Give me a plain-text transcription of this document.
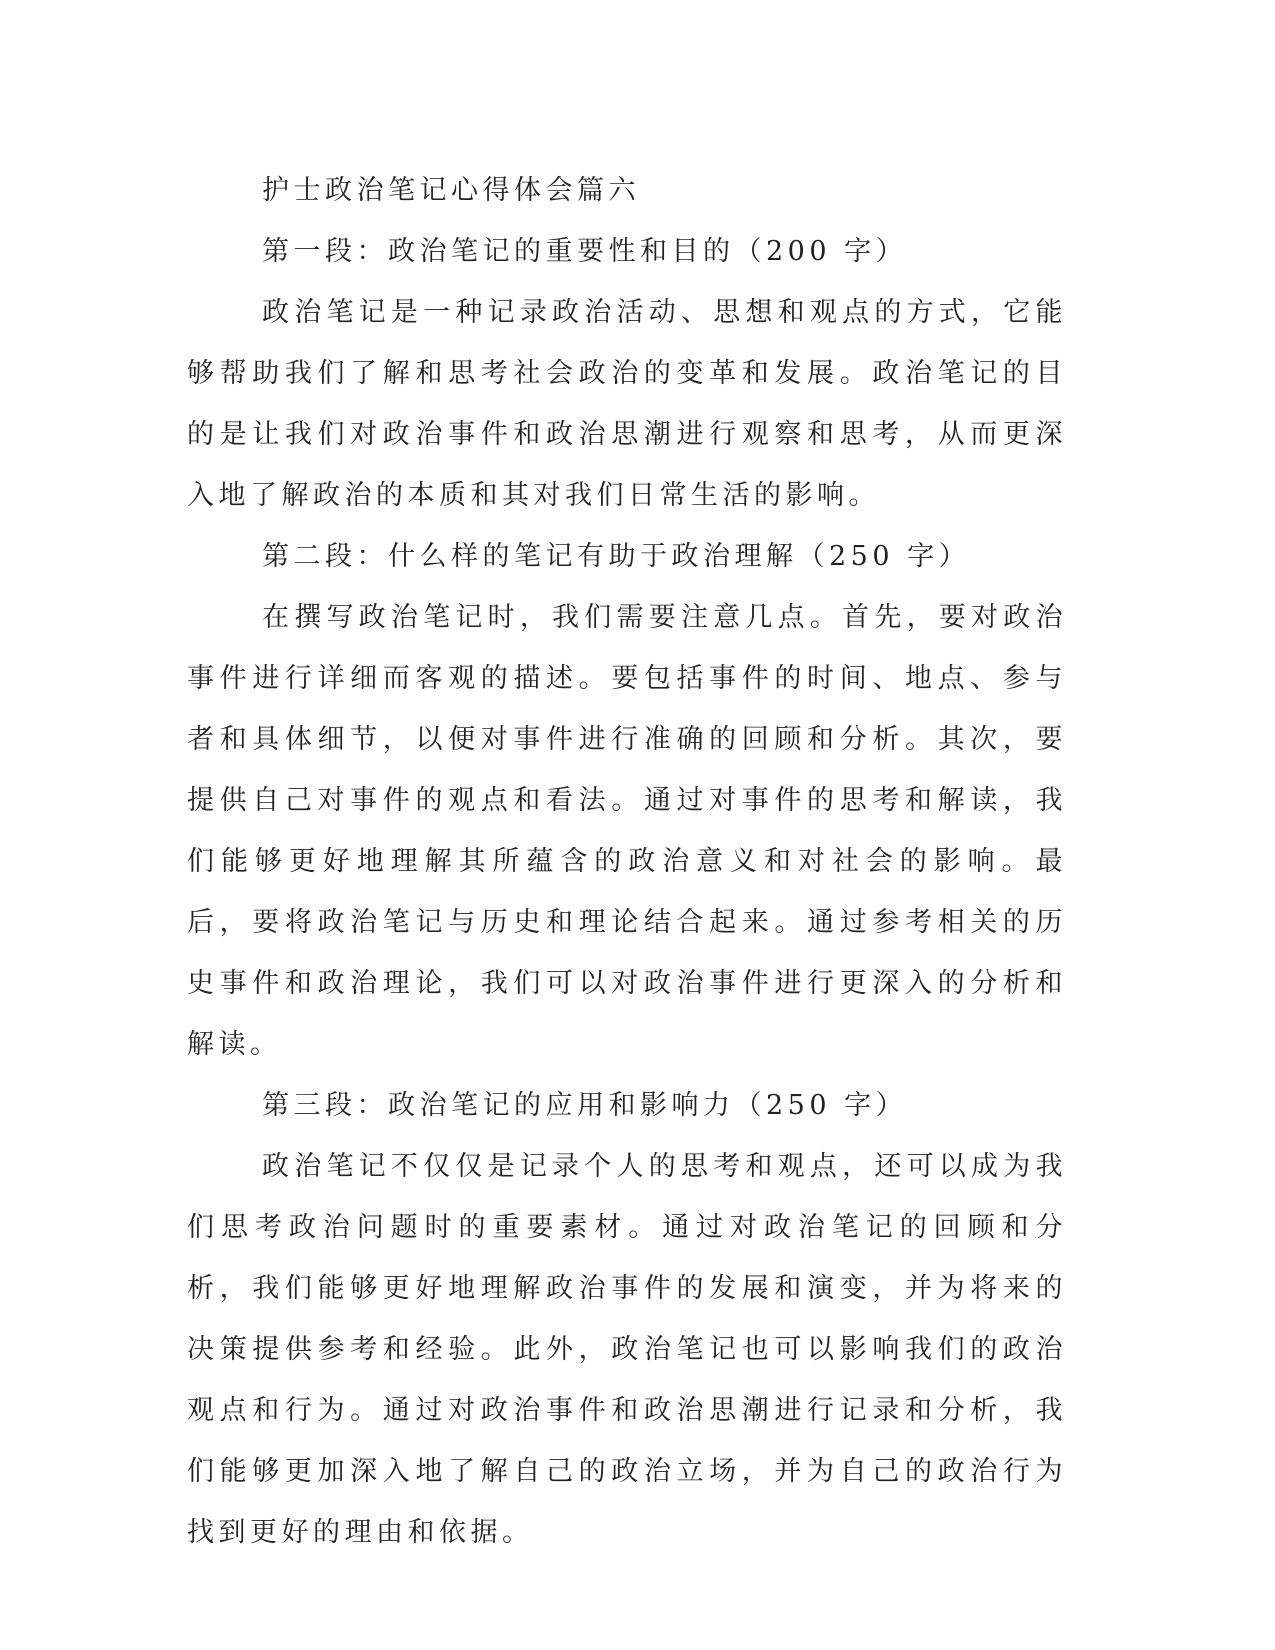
护士政治笔记心得体会篇六

第一段：政治笔记的重要性和目的（200 字）

政治笔记是一种记录政治活动、思想和观点的方式，它能够帮助我们了解和思考社会政治的变革和发展。政治笔记的目的是让我们对政治事件和政治思潮进行观察和思考，从而更深入地了解政治的本质和其对我们日常生活的影响。

第二段：什么样的笔记有助于政治理解（250 字）

在撰写政治笔记时，我们需要注意几点。首先，要对政治事件进行详细而客观的描述。要包括事件的时间、地点、参与者和具体细节，以便对事件进行准确的回顾和分析。其次，要提供自己对事件的观点和看法。通过对事件的思考和解读，我们能够更好地理解其所蕴含的政治意义和对社会的影响。最后，要将政治笔记与历史和理论结合起来。通过参考相关的历史事件和政治理论，我们可以对政治事件进行更深入的分析和解读。

第三段：政治笔记的应用和影响力（250 字）

政治笔记不仅仅是记录个人的思考和观点，还可以成为我们思考政治问题时的重要素材。通过对政治笔记的回顾和分析，我们能够更好地理解政治事件的发展和演变，并为将来的决策提供参考和经验。此外，政治笔记也可以影响我们的政治观点和行为。通过对政治事件和政治思潮进行记录和分析，我们能够更加深入地了解自己的政治立场，并为自己的政治行为找到更好的理由和依据。
